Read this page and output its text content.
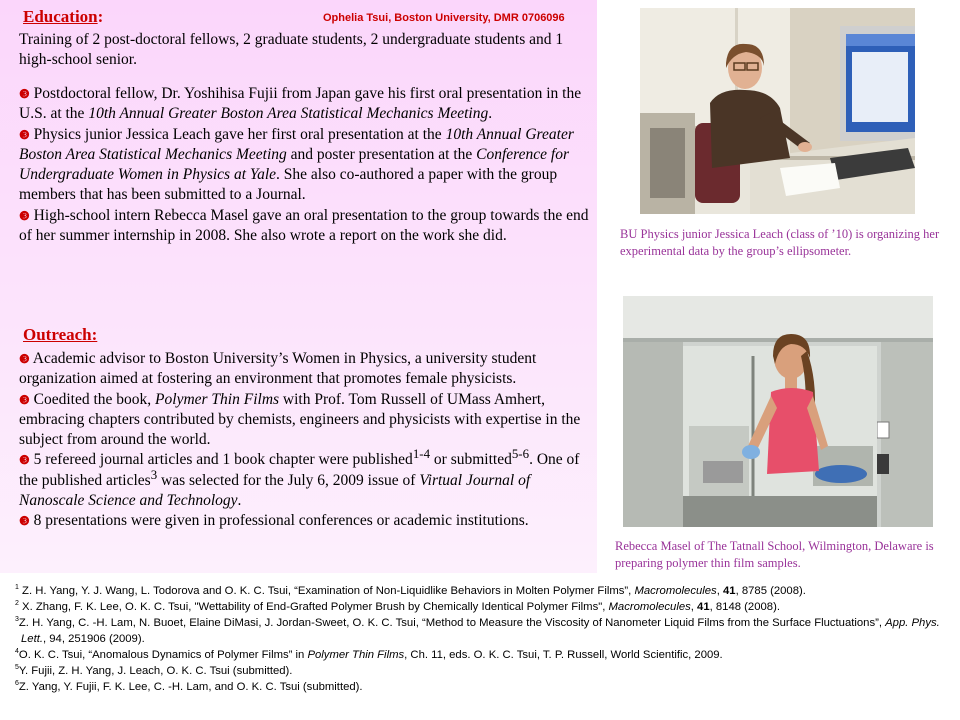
Education:	Ophelia Tsui, Boston University, DMR 0706096
Training of 2 post-doctoral fellows, 2 graduate students, 2 undergraduate students and 1 high-school senior.
❸ Postdoctoral fellow, Dr. Yoshihisa Fujii from Japan gave his first oral presentation in the U.S. at the 10th Annual Greater Boston Area Statistical Mechanics Meeting.
❸ Physics junior Jessica Leach gave her first oral presentation at the 10th Annual Greater Boston Area Statistical Mechanics Meeting and poster presentation at the Conference for Undergraduate Women in Physics at Yale. She also co-authored a paper with the group members that has been submitted to a Journal.
❸ High-school intern Rebecca Masel gave an oral presentation to the group towards the end of her summer internship in 2008. She also wrote a report on the work she did.
Outreach:
❸ Academic advisor to Boston University’s Women in Physics, a university student organization aimed at fostering an environment that promotes female physicists.
❸ Coedited the book, Polymer Thin Films with Prof. Tom Russell of UMass Amhert, embracing chapters contributed by chemists, engineers and physicists with expertise in the subject from around the world.
❸ 5 refereed journal articles and 1 book chapter were published$^{1-4}$ or submitted$^{5-6}$. One of the published articles$^3$ was selected for the July 6, 2009 issue of Virtual Journal of Nanoscale Science and Technology.
❸ 8 presentations were given in professional conferences or academic institutions.
BU Physics junior Jessica Leach (class of ’10) is organizing her experimental data by the group’s ellipsometer.
Rebecca Masel of The Tatnall School, Wilmington, Delaware is preparing polymer thin film samples.

$^1$ Z. H. Yang, Y. J. Wang, L. Todorova and O. K. C. Tsui, “Examination of Non-Liquidlike Behaviors in Molten Polymer Films”, Macromolecules, 41, 8785 (2008).

$^2$ X. Zhang, F. K. Lee, O. K. C. Tsui, "Wettability of End-Grafted Polymer Brush by Chemically Identical Polymer Films", Macromolecules, 41, 8148 (2008).

$^3$Z. H. Yang, C. -H. Lam, N. Buoet, Elaine DiMasi, J. Jordan-Sweet, O. K. C. Tsui, “Method to Measure the Viscosity of Nanometer Liquid Films from the Surface Fluctuations”, App. Phys. Lett., 94, 251906 (2009).

$^4$O. K. C. Tsui, “Anomalous Dynamics of Polymer Films” in Polymer Thin Films, Ch. 11, eds. O. K. C. Tsui, T. P. Russell, World Scientific, 2009.

$^5$Y. Fujii, Z. H. Yang, J. Leach, O. K. C. Tsui (submitted).

$^6$Z. Yang, Y. Fujii, F. K. Lee, C. -H. Lam, and O. K. C. Tsui (submitted).
